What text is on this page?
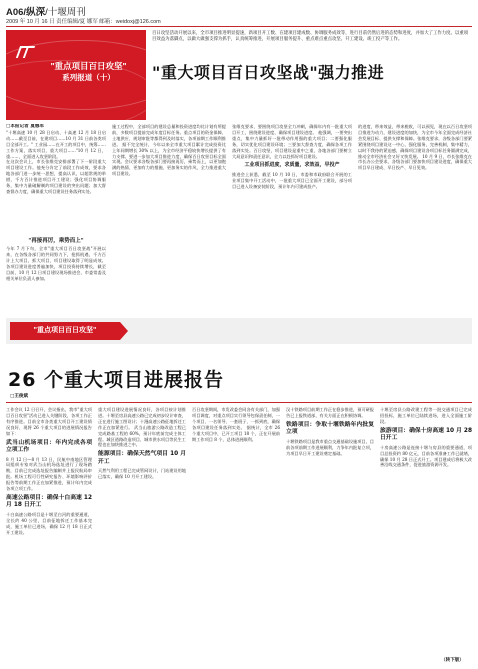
A06/纵深/十堰周刊
2009 年 10 月 16 日 责任编辑/夏 娜军 邮箱：weidoxj@126.com
"重点项目百日攻坚"
系列报道（十）
百日攻坚活动开展以来，全市项目推进明显提速，新项目开工数、在建项目建成数、协调服务成效等，进行目前仍然后进的态势和进度，并加大了工作力度。以重项目效益为落脚点，以做大做强支撑为抓手，认真统筹推进，开展项目服务提升、重点难点重点攻坚、开工建设、竣工投产等工作。
"重大项目百日攻坚战"强力推进
□本报记者 夏娜军

"十堰高速 10 月 28 日启动、十高速 12 月 18 日启动……截至目前，在建项目……10 月 31 日前各类项目全部开工。" 工业园……在开工的项目中，统筹……工作方案，落实项目，重大项目……"10 月 12 日，重……，全面进入攻坚阶段。

在这次会议上，市长张维克安排部署了下一阶段重大项目建设工作。他充分肯定了前段工作成效，要求各地各部门进一步统一思想，提高认识，以超常规的举措，千方百计推进项目开工建设；强化项目协调服务，集中力量破解制约项目建设的突出问题；加大督查督办力度，确保重大项目建设任务落到实处。

"再接再厉，乘势而上"

今年 7 月下旬，全市"重大项目百日攻坚战"开展以来，在各级各部门的共同努力下，抢抓机遇，千方百计上大项目，抓大项目，项目建设取得了明显成效。各项目建设进度普遍加快，项目投资持续增长，截至目前，10 月 12 日项目建设现场推进会，市委常委及相关单位负责人参加。

施工过程中，全部项目的建设总量和投资进度均比计划有所提前，多数项目提前完成年度目标任务。重点项目的资金保障、土地供应、规划审批等都得到及时落实，各项前期工作顺利推进。 据不完全统计，今年以来全市重大项目累计完成投资比上年同期增长 30% 以上，为全市经济平稳较快增长提供了有力支撑。要进一步加大项目推进力度，确保百日攻坚目标全面实现。会议要求各级各部门要再接再厉，乘势而上，以更加饱满的热情、更加有力的措施、更加务实的作风，全力推进重大项目建设。

张维克要求，要围绕项目攻坚全力冲刺，确保年内有一批重大项目开工，围绕建设进度，确保项目建设进度。 他强调，一要突出重点，集中力量抓好一批带动作用强的重大项目；二要强化服务，切实优化项目建设环境；三要加大督查力度，确保各项工作落到实处。百日攻坚，项目建设是重中之重，各地各部门要树立大局意识和责任意识，全力以赴抓好项目建设。

工业项目抓进度，求质量，求效益，早投产

推进会上获悉，截至 10 月 10 日，市委和市政府联合开展的工业项目集中开工活动中，一批重大项目已全面开工建设，部分项目已进入设备安装阶段，预计年内可建成投产。

的进度，带来效益，带来税收，可以预见，现在以百日攻坚项目推进为动力，建设进度的加快，为全市今年全面完成经济社会发展目标、提供支撑和保障。张维克要求，各级各部门要紧紧围绕项目建设这一中心，强化服务，完善机制，集中精力，以时不我待的紧迫感，确保项目建设各项目标任务圆满完成，推动全市经济社会又好又快发展。 10 月 9 日，市长张维克在市长办公会要求，各级各部门要加快项目建设进度，确保重大项目早日建成、早日投产、早日见效。

"重点项目百日攻坚"
26 个重大项目进展报告
□王俊斌

工作会议 12 日召开，会议指出，我市"重大项目百日攻坚"活动已进入关键阶段，各项工作正有序推进。目前全市各类重大项目开工建设情况良好，现将 26 个重大项目的进展情况报告如下：

武当山机场项目：年内完成各项立项工作

8 月 12 日—8 月 13 日，民航中南地区管理局组织专家对武当山机场选址进行了现场踏勘，目前已完成选址报告编制并上报民航局审批。机场工程可行性研究报告、环境影响评价报告等前期工作正在加紧推进，预计年内完成各项立项工作。

高速公路项目：确保十白高速 12 月 18 日开工

十白高速公路项目是十堰至白河的重要通道，全长约 40 公里，目前征地拆迁工作基本完成，施工单位已进场，确保 12 月 18 日正式开工建设。

重大项目建设进展情况良好，各项目按计划推进。十堰至房县高速公路已完成初步设计审查，正在进行施工图设计；十漫高速公路征地拆迁工作正在加紧进行。 武当山旅游公路改造工程已完成路基工程的 60%，预计年底前完成主体工程。城区道路改造项目、城市供水项目等民生工程也在加快推进之中。

能源项目：确保天然气项目 10 月开工

天然气利用工程已完成管网设计，门站建设用地已落实，确保 10 月开工建设。

百日攻坚期间，市发改委会同各有关部门，加强项目调度，对重点项目实行领导包保责任制，一个项目、一名领导、一套班子、一抓到底，确保各项目建设任务落到实处。 据统计，全市 26 个重大项目中，已开工项目 18 个，正在开展前期工作项目 8 个，总体进展顺利。

汉十铁路项目前期工作正在稳步推进，预可研报告已上报铁道部，有关方面正在积极协调。

铁路项目：争取十堰铁路年内批复立项

十堰铁路项目是我市重点交通基础设施项目，目前各项前期工作进展顺利，力争年内批复立项，为项目早日开工建设奠定基础。

十堰至房县公路改建工程等一批交通项目已完成招投标，施工单位已陆续进场，进入全面施工阶段。

旅游项目：确保十房高速 10 月 28 日开工

十房高速公路是连接十堰与房县的重要通道，项目总投资约 80 亿元，目前各项准备工作已就绪，确保 10 月 28 日正式开工。项目建成后将极大改善沿线交通条件，促进旅游资源开发。

（转下版）
